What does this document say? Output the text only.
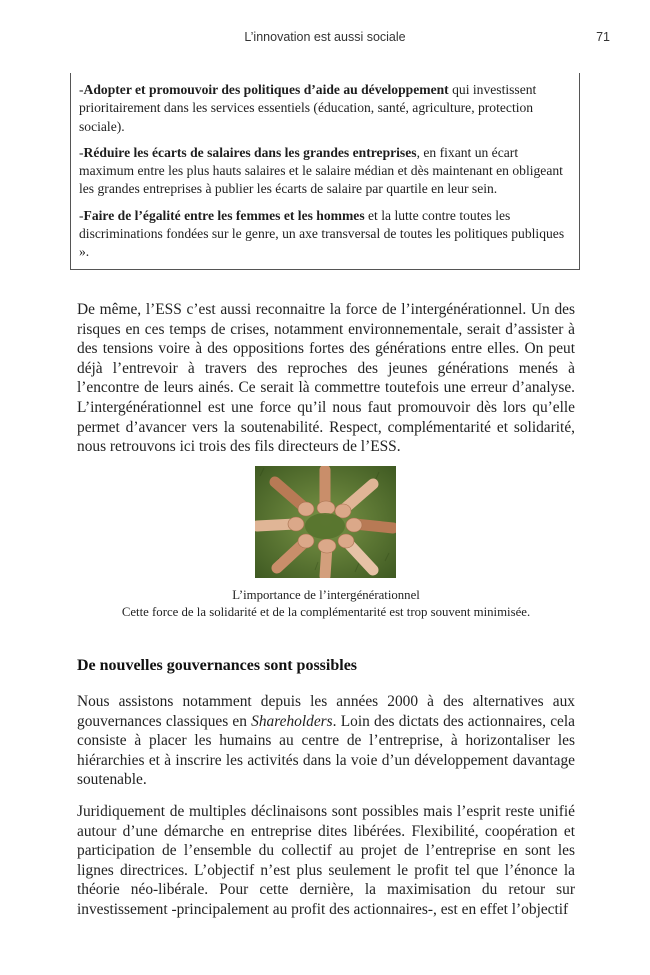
L’innovation est aussi sociale	71

-Adopter et promouvoir des politiques d’aide au développement qui investissent prioritairement dans les services essentiels (éducation, santé, agriculture, protection sociale).

-Réduire les écarts de salaires dans les grandes entreprises, en fixant un écart maximum entre les plus hauts salaires et le salaire médian et dès maintenant en obligeant les grandes entreprises à publier les écarts de salaire par quartile en leur sein.

-Faire de l’égalité entre les femmes et les hommes et la lutte contre toutes les discriminations fondées sur le genre, un axe transversal de toutes les politiques publiques ».

De même, l’ESS c’est aussi reconnaitre la force de l’intergénérationnel. Un des risques en ces temps de crises, notamment environnementale, serait d’assister à des tensions voire à des oppositions fortes des générations entre elles. On peut déjà l’entrevoir à travers des reproches des jeunes générations menés à l’encontre de leurs ainés. Ce serait là commettre toutefois une erreur d’analyse. L’intergénérationnel est une force qu’il nous faut promouvoir dès lors qu’elle permet d’avancer vers la soutenabilité. Respect, complémentarité et solidarité, nous retrouvons ici trois des fils directeurs de l’ESS.

L’importance de l’intergénérationnel
Cette force de la solidarité et de la complémentarité est trop souvent minimisée.
De nouvelles gouvernances sont possibles

Nous assistons notamment depuis les années 2000 à des alternatives aux gouvernances classiques en Shareholders. Loin des dictats des actionnaires, cela consiste à placer les humains au centre de l’entreprise, à horizontaliser les hiérarchies et à inscrire les activités dans la voie d’un développement davantage soutenable.

Juridiquement de multiples déclinaisons sont possibles mais l’esprit reste unifié autour d’une démarche en entreprise dites libérées. Flexibilité, coopération et participation de l’ensemble du collectif au projet de l’entreprise en sont les lignes directrices. L’objectif n’est plus seulement le profit tel que l’énonce la théorie néo-libérale. Pour cette dernière, la maximisation du retour sur investissement -principalement au profit des actionnaires-, est en effet l’objectif
